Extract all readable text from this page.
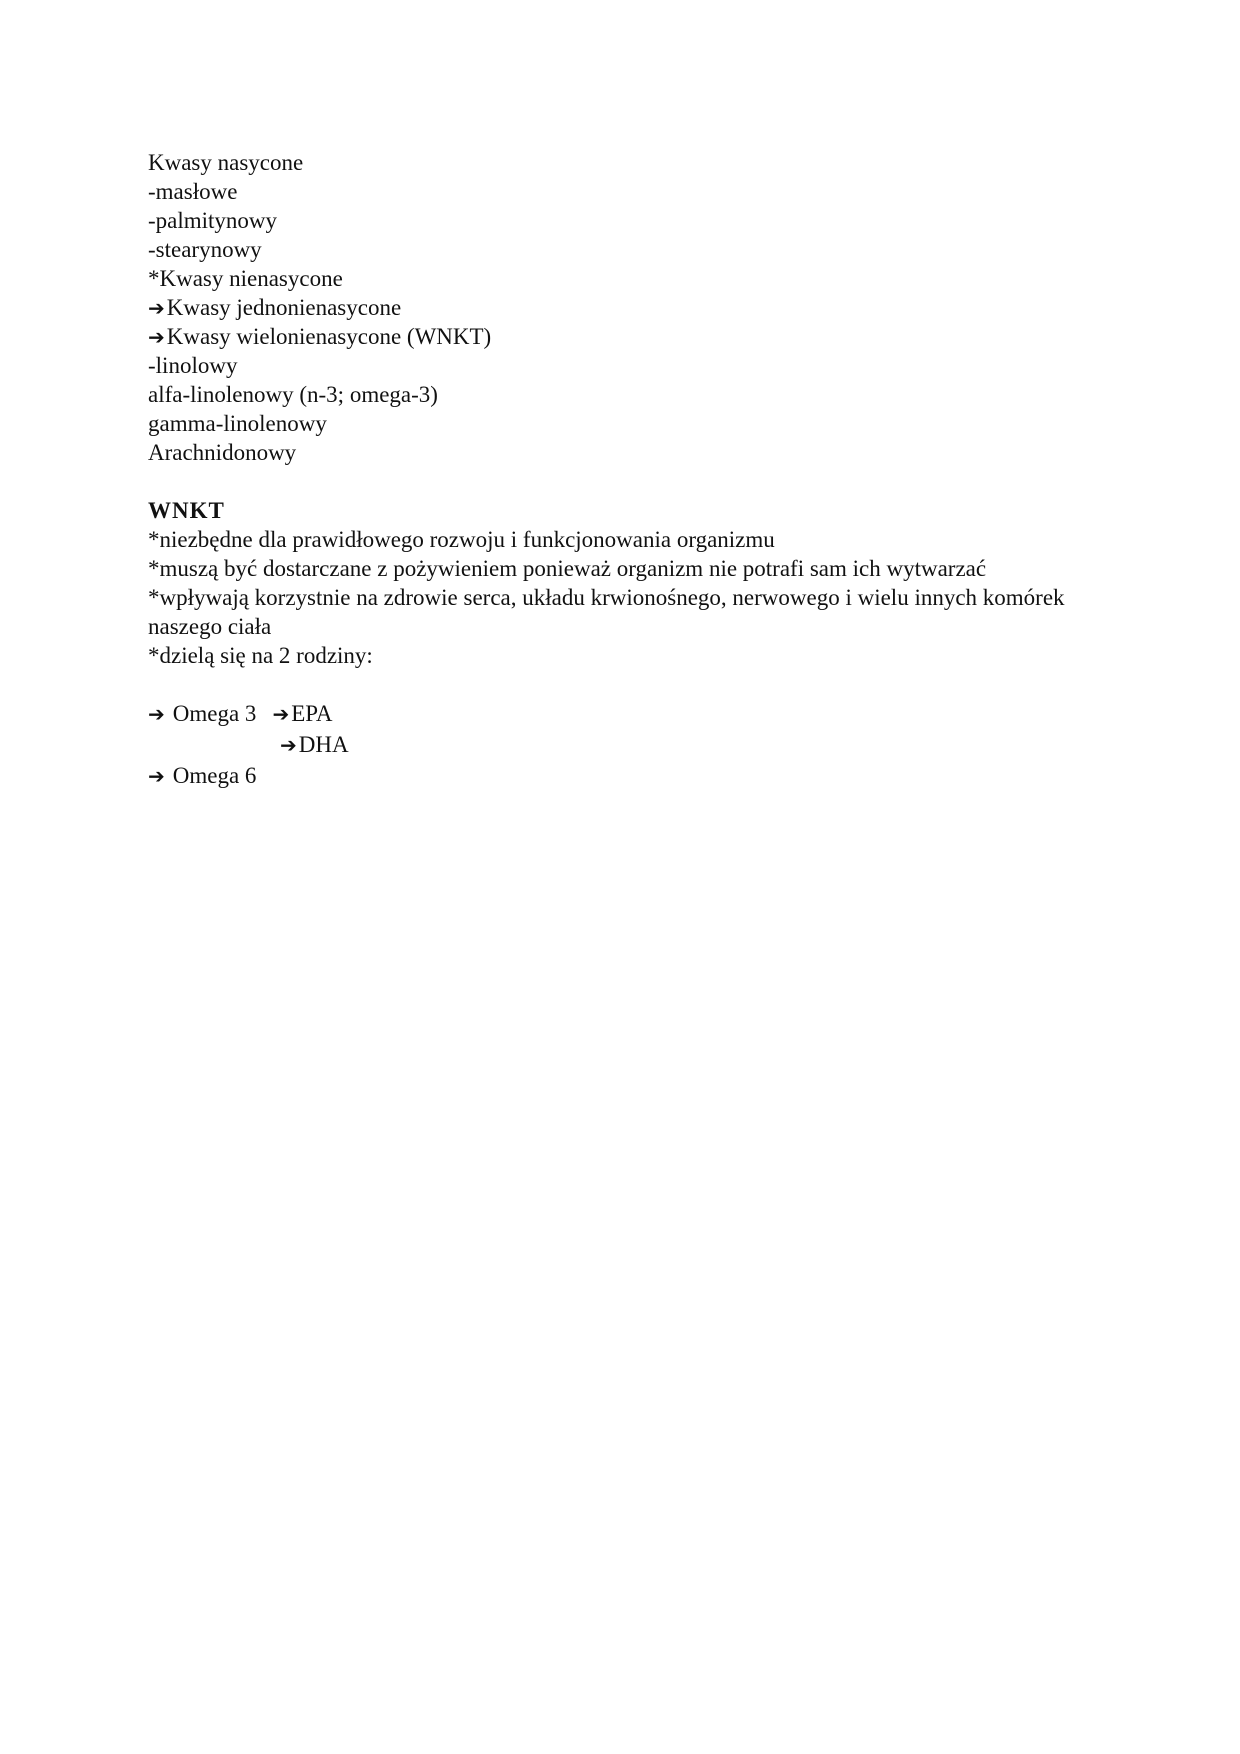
Kwasy nasycone
-masłowe
-palmitynowy
-stearynowy
*Kwasy nienasycone
➔Kwasy jednonienasycone
➔Kwasy wielonienasycone (WNKT)
-linolowy
alfa-linolenowy (n-3; omega-3)
gamma-linolenowy
Arachnidonowy
WNKT
*niezbędne dla prawidłowego rozwoju i funkcjonowania organizmu
*muszą być dostarczane z pożywieniem ponieważ organizm nie potrafi sam ich wytwarzać
*wpływają korzystnie na zdrowie serca, układu krwionośnego, nerwowego i wielu innych komórek naszego ciała
*dzielą się na 2 rodziny:
➔ Omega 3 ➔EPA
➔DHA
➔ Omega 6
